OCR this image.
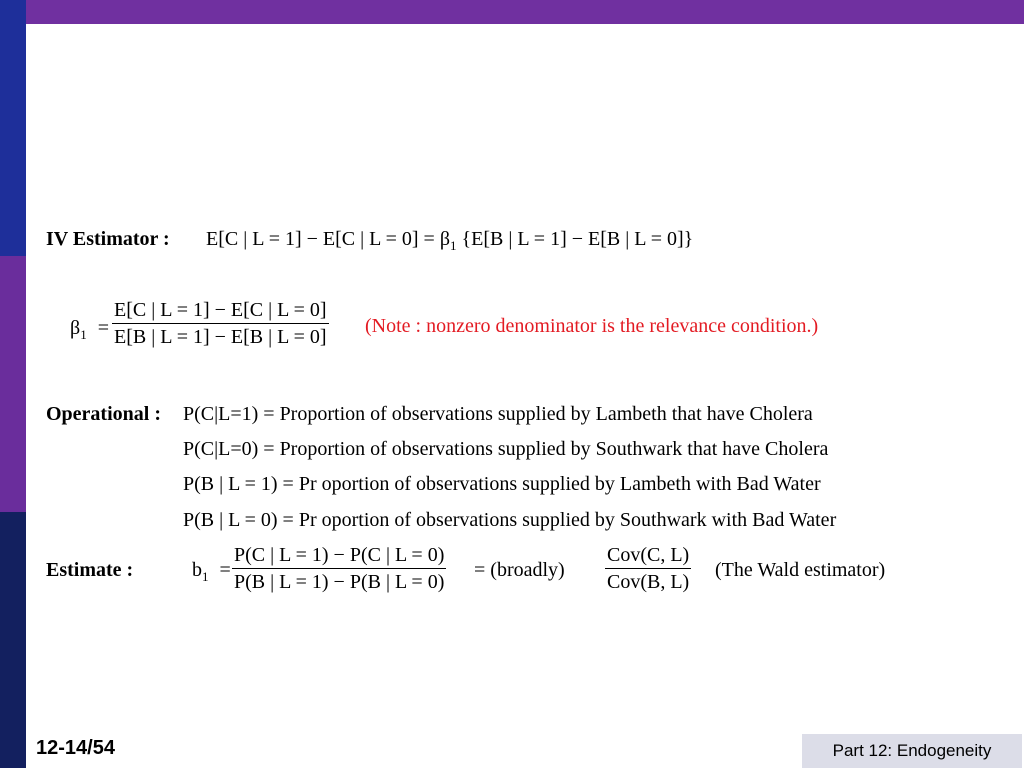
IV Estimator : E[C | L = 1] − E[C | $L = 0] = \beta_1$ {E[B | L = 1] − E[B | L = 0]}
$\beta_1 = \frac{E[C | L = 1] - E[C | L = 0]}{E[B | L = 1] - E[B | L = 0]}$ (Note : nonzero denominator is the relevance condition.)
Operational : P(C|L=1) = Proportion of observations supplied by Lambeth that have Cholera
P(C|L=0) = Proportion of observations supplied by Southwark that have Cholera
P(B | L = 1) = Pr oportion of observations supplied by Lambeth with Bad Water
P(B | L = 0) = Pr oportion of observations supplied by Southwark with Bad Water
Estimate :	$b_1 = \frac{P(C | L = 1) - P(C | L = 0)}{P(B | L = 1) - P(B | L = 0)}$ = (broadly)
Cov(C, L)
Cov(B, L)
(The Wald estimator)
12-14/54	Part 12: Endogeneity
